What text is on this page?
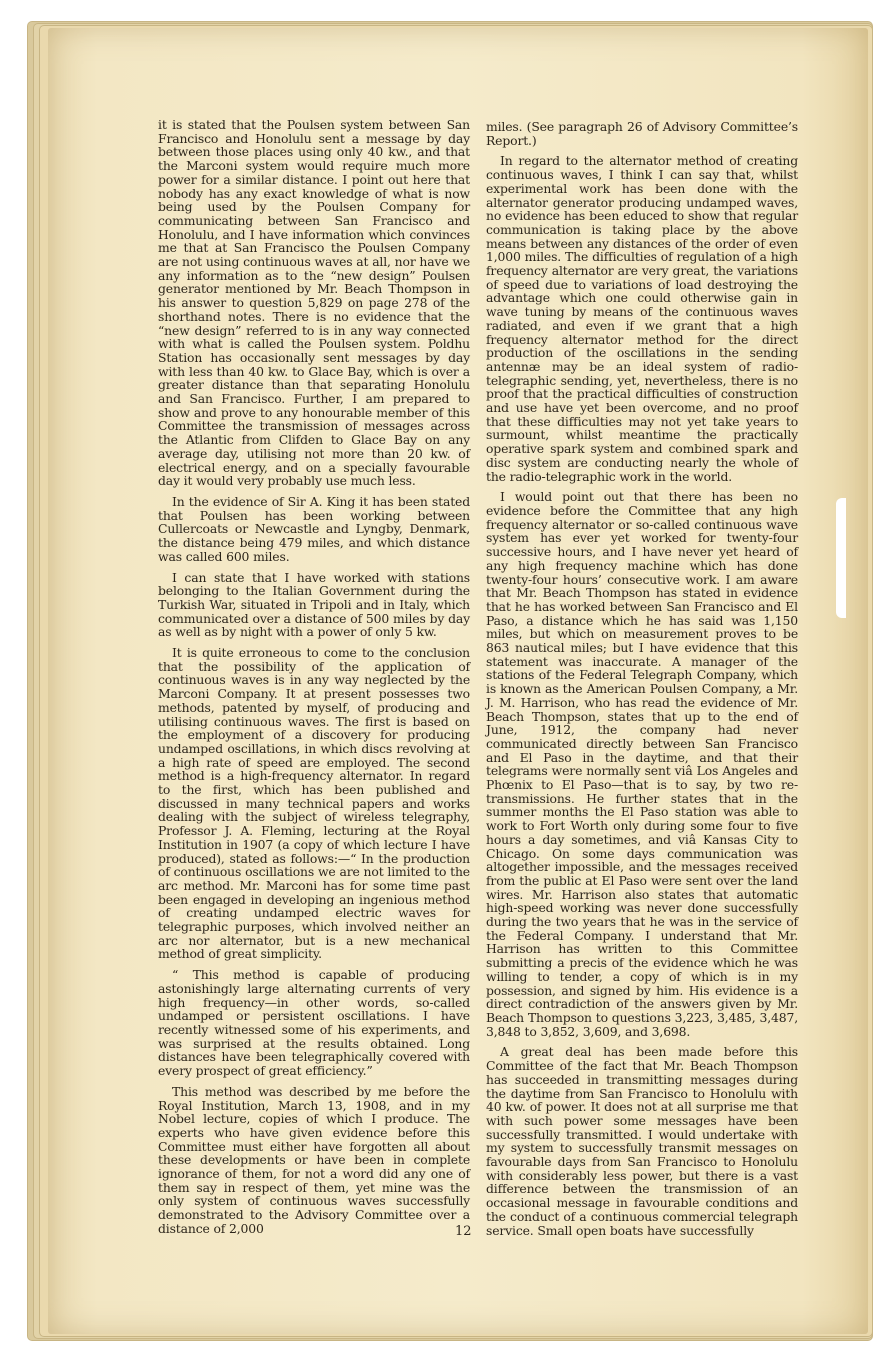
it is stated that the Poulsen system between San Francisco and Honolulu sent a message by day between those places using only 40 kw., and that the Marconi system would require much more power for a similar distance. I point out here that nobody has any exact knowledge of what is now being used by the Poulsen Company for communicating between San Francisco and Honolulu, and I have information which convinces me that at San Francisco the Poulsen Company are not using continuous waves at all, nor have we any information as to the “new design” Poulsen generator mentioned by Mr. Beach Thompson in his answer to question 5,829 on page 278 of the shorthand notes. There is no evidence that the “new design” referred to is in any way connected with what is called the Poulsen system. Poldhu Station has occasionally sent messages by day with less than 40 kw. to Glace Bay, which is over a greater distance than that separating Honolulu and San Francisco. Further, I am prepared to show and prove to any honourable member of this Committee the transmission of messages across the Atlantic from Clifden to Glace Bay on any average day, utilising not more than 20 kw. of electrical energy, and on a specially favourable day it would very probably use much less.

In the evidence of Sir A. King it has been stated that Poulsen has been working between Cullercoats or Newcastle and Lyngby, Denmark, the distance being 479 miles, and which distance was called 600 miles.

I can state that I have worked with stations belonging to the Italian Government during the Turkish War, situated in Tripoli and in Italy, which communicated over a distance of 500 miles by day as well as by night with a power of only 5 kw.

It is quite erroneous to come to the conclusion that the possibility of the application of continuous waves is in any way neglected by the Marconi Company. It at present possesses two methods, patented by myself, of producing and utilising continuous waves. The first is based on the employment of a discovery for producing undamped oscillations, in which discs revolving at a high rate of speed are employed. The second method is a high-frequency alternator. In regard to the first, which has been published and discussed in many technical papers and works dealing with the subject of wireless telegraphy, Professor J. A. Fleming, lecturing at the Royal Institution in 1907 (a copy of which lecture I have produced), stated as follows:—“ In the production of continuous oscillations we are not limited to the arc method. Mr. Marconi has for some time past been engaged in developing an ingenious method of creating undamped electric waves for telegraphic purposes, which involved neither an arc nor alternator, but is a new mechanical method of great simplicity.

“ This method is capable of producing astonishingly large alternating currents of very high frequency—in other words, so-called undamped or persistent oscillations. I have recently witnessed some of his experiments, and was surprised at the results obtained. Long distances have been telegraphically covered with every prospect of great efficiency.”

This method was described by me before the Royal Institution, March 13, 1908, and in my Nobel lecture, copies of which I produce. The experts who have given evidence before this Committee must either have forgotten all about these developments or have been in complete ignorance of them, for not a word did any one of them say in respect of them, yet mine was the only system of continuous waves successfully demonstrated to the Advisory Committee over a distance of 2,000

miles. (See paragraph 26 of Advisory Committee’s Report.)

In regard to the alternator method of creating continuous waves, I think I can say that, whilst experimental work has been done with the alternator generator producing undamped waves, no evidence has been educed to show that regular communication is taking place by the above means between any distances of the order of even 1,000 miles. The difficulties of regulation of a high frequency alternator are very great, the variations of speed due to variations of load destroying the advantage which one could otherwise gain in wave tuning by means of the continuous waves radiated, and even if we grant that a high frequency alternator method for the direct production of the oscillations in the sending antennæ may be an ideal system of radio-telegraphic sending, yet, nevertheless, there is no proof that the practical difficulties of construction and use have yet been overcome, and no proof that these difficulties may not yet take years to surmount, whilst meantime the practically operative spark system and combined spark and disc system are conducting nearly the whole of the radio-telegraphic work in the world.

I would point out that there has been no evidence before the Committee that any high frequency alternator or so-called continuous wave system has ever yet worked for twenty-four successive hours, and I have never yet heard of any high frequency machine which has done twenty-four hours’ consecutive work. I am aware that Mr. Beach Thompson has stated in evidence that he has worked between San Francisco and El Paso, a distance which he has said was 1,150 miles, but which on measurement proves to be 863 nautical miles; but I have evidence that this statement was inaccurate. A manager of the stations of the Federal Telegraph Company, which is known as the American Poulsen Company, a Mr. J. M. Harrison, who has read the evidence of Mr. Beach Thompson, states that up to the end of June, 1912, the company had never communicated directly between San Francisco and El Paso in the daytime, and that their telegrams were normally sent viâ Los Angeles and Phœnix to El Paso—that is to say, by two re-transmissions. He further states that in the summer months the El Paso station was able to work to Fort Worth only during some four to five hours a day sometimes, and viâ Kansas City to Chicago. On some days communication was altogether impossible, and the messages received from the public at El Paso were sent over the land wires. Mr. Harrison also states that automatic high-speed working was never done successfully during the two years that he was in the service of the Federal Company. I understand that Mr. Harrison has written to this Committee submitting a precis of the evidence which he was willing to tender, a copy of which is in my possession, and signed by him. His evidence is a direct contradiction of the answers given by Mr. Beach Thompson to questions 3,223, 3,485, 3,487, 3,848 to 3,852, 3,609, and 3,698.

A great deal has been made before this Committee of the fact that Mr. Beach Thompson has succeeded in transmitting messages during the daytime from San Francisco to Honolulu with 40 kw. of power. It does not at all surprise me that with such power some messages have been successfully transmitted. I would undertake with my system to successfully transmit messages on favourable days from San Francisco to Honolulu with considerably less power, but there is a vast difference between the transmission of an occasional message in favourable conditions and the conduct of a continuous commercial telegraph service. Small open boats have successfully

12
